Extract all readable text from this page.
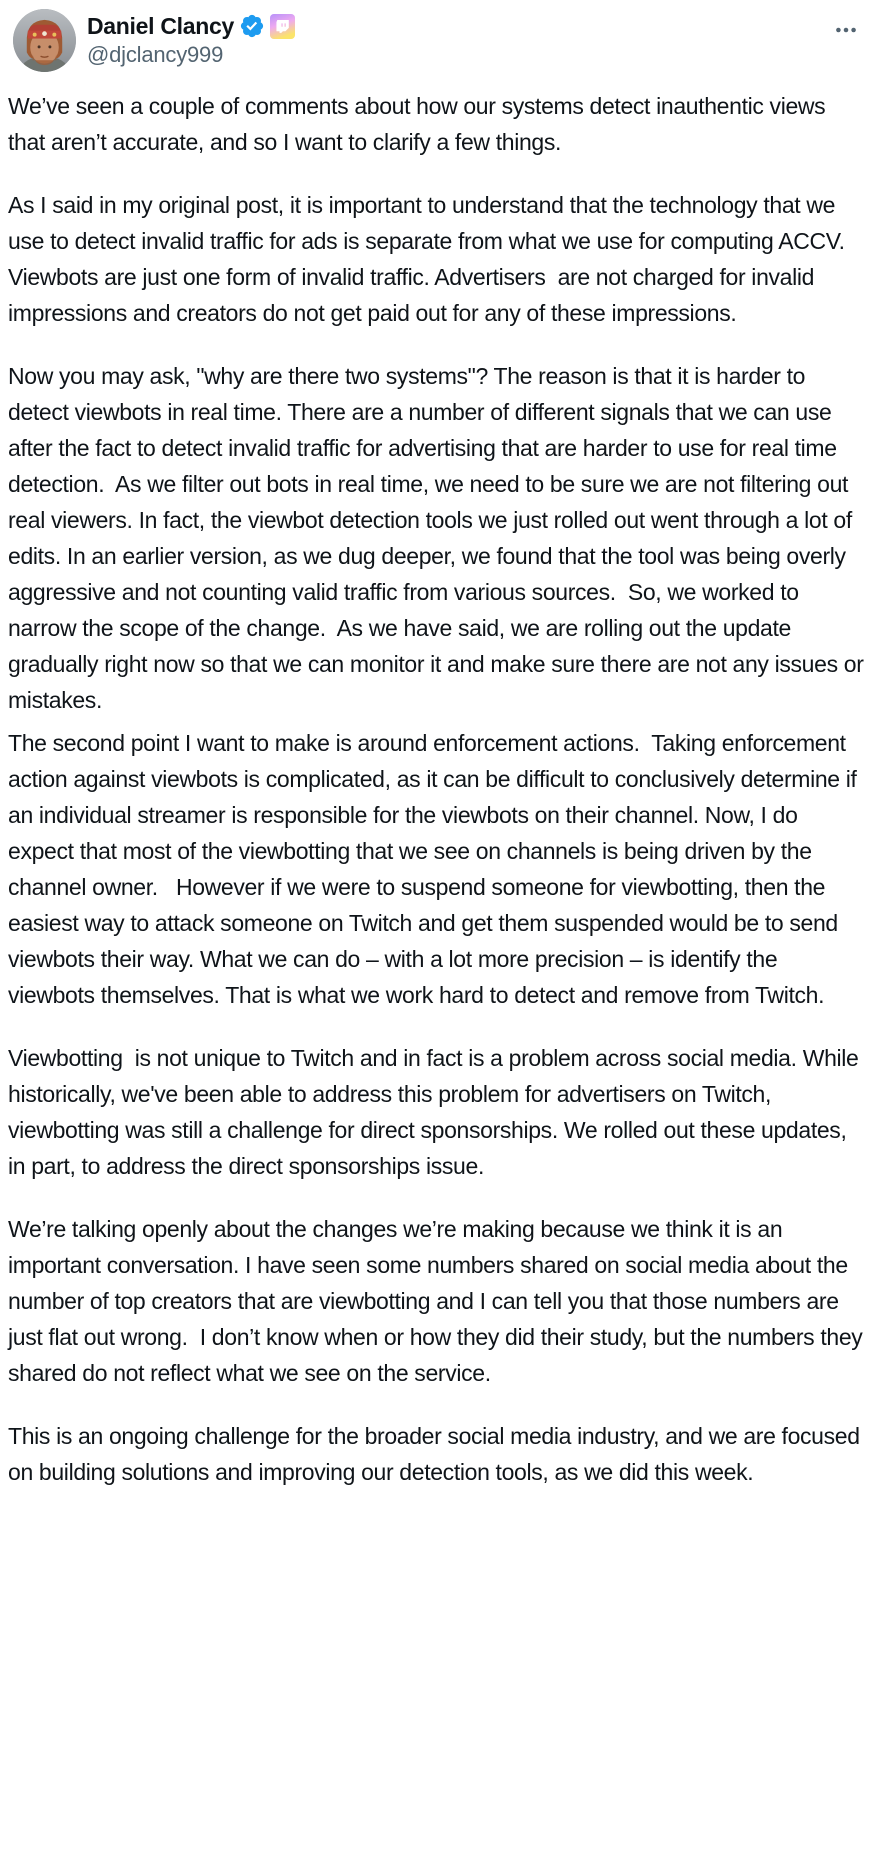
Daniel Clancy
@djclancy999

We’ve seen a couple of comments about how our systems detect inauthentic views that aren’t accurate, and so I want to clarify a few things.

As I said in my original post, it is important to understand that the technology that we use to detect invalid traffic for ads is separate from what we use for computing ACCV. Viewbots are just one form of invalid traffic. Advertisers  are not charged for invalid impressions and creators do not get paid out for any of these impressions.

Now you may ask, "why are there two systems"? The reason is that it is harder to detect viewbots in real time. There are a number of different signals that we can use after the fact to detect invalid traffic for advertising that are harder to use for real time detection.  As we filter out bots in real time, we need to be sure we are not filtering out real viewers. In fact, the viewbot detection tools we just rolled out went through a lot of edits. In an earlier version, as we dug deeper, we found that the tool was being overly aggressive and not counting valid traffic from various sources.  So, we worked to narrow the scope of the change.  As we have said, we are rolling out the update gradually right now so that we can monitor it and make sure there are not any issues or mistakes.

The second point I want to make is around enforcement actions.  Taking enforcement action against viewbots is complicated, as it can be difficult to conclusively determine if an individual streamer is responsible for the viewbots on their channel. Now, I do expect that most of the viewbotting that we see on channels is being driven by the channel owner.   However if we were to suspend someone for viewbotting, then the easiest way to attack someone on Twitch and get them suspended would be to send viewbots their way. What we can do – with a lot more precision – is identify the viewbots themselves. That is what we work hard to detect and remove from Twitch.

Viewbotting  is not unique to Twitch and in fact is a problem across social media. While historically, we've been able to address this problem for advertisers on Twitch, viewbotting was still a challenge for direct sponsorships. We rolled out these updates, in part, to address the direct sponsorships issue.

We’re talking openly about the changes we’re making because we think it is an important conversation. I have seen some numbers shared on social media about the number of top creators that are viewbotting and I can tell you that those numbers are just flat out wrong.  I don’t know when or how they did their study, but the numbers they shared do not reflect what we see on the service.

This is an ongoing challenge for the broader social media industry, and we are focused on building solutions and improving our detection tools, as we did this week.
